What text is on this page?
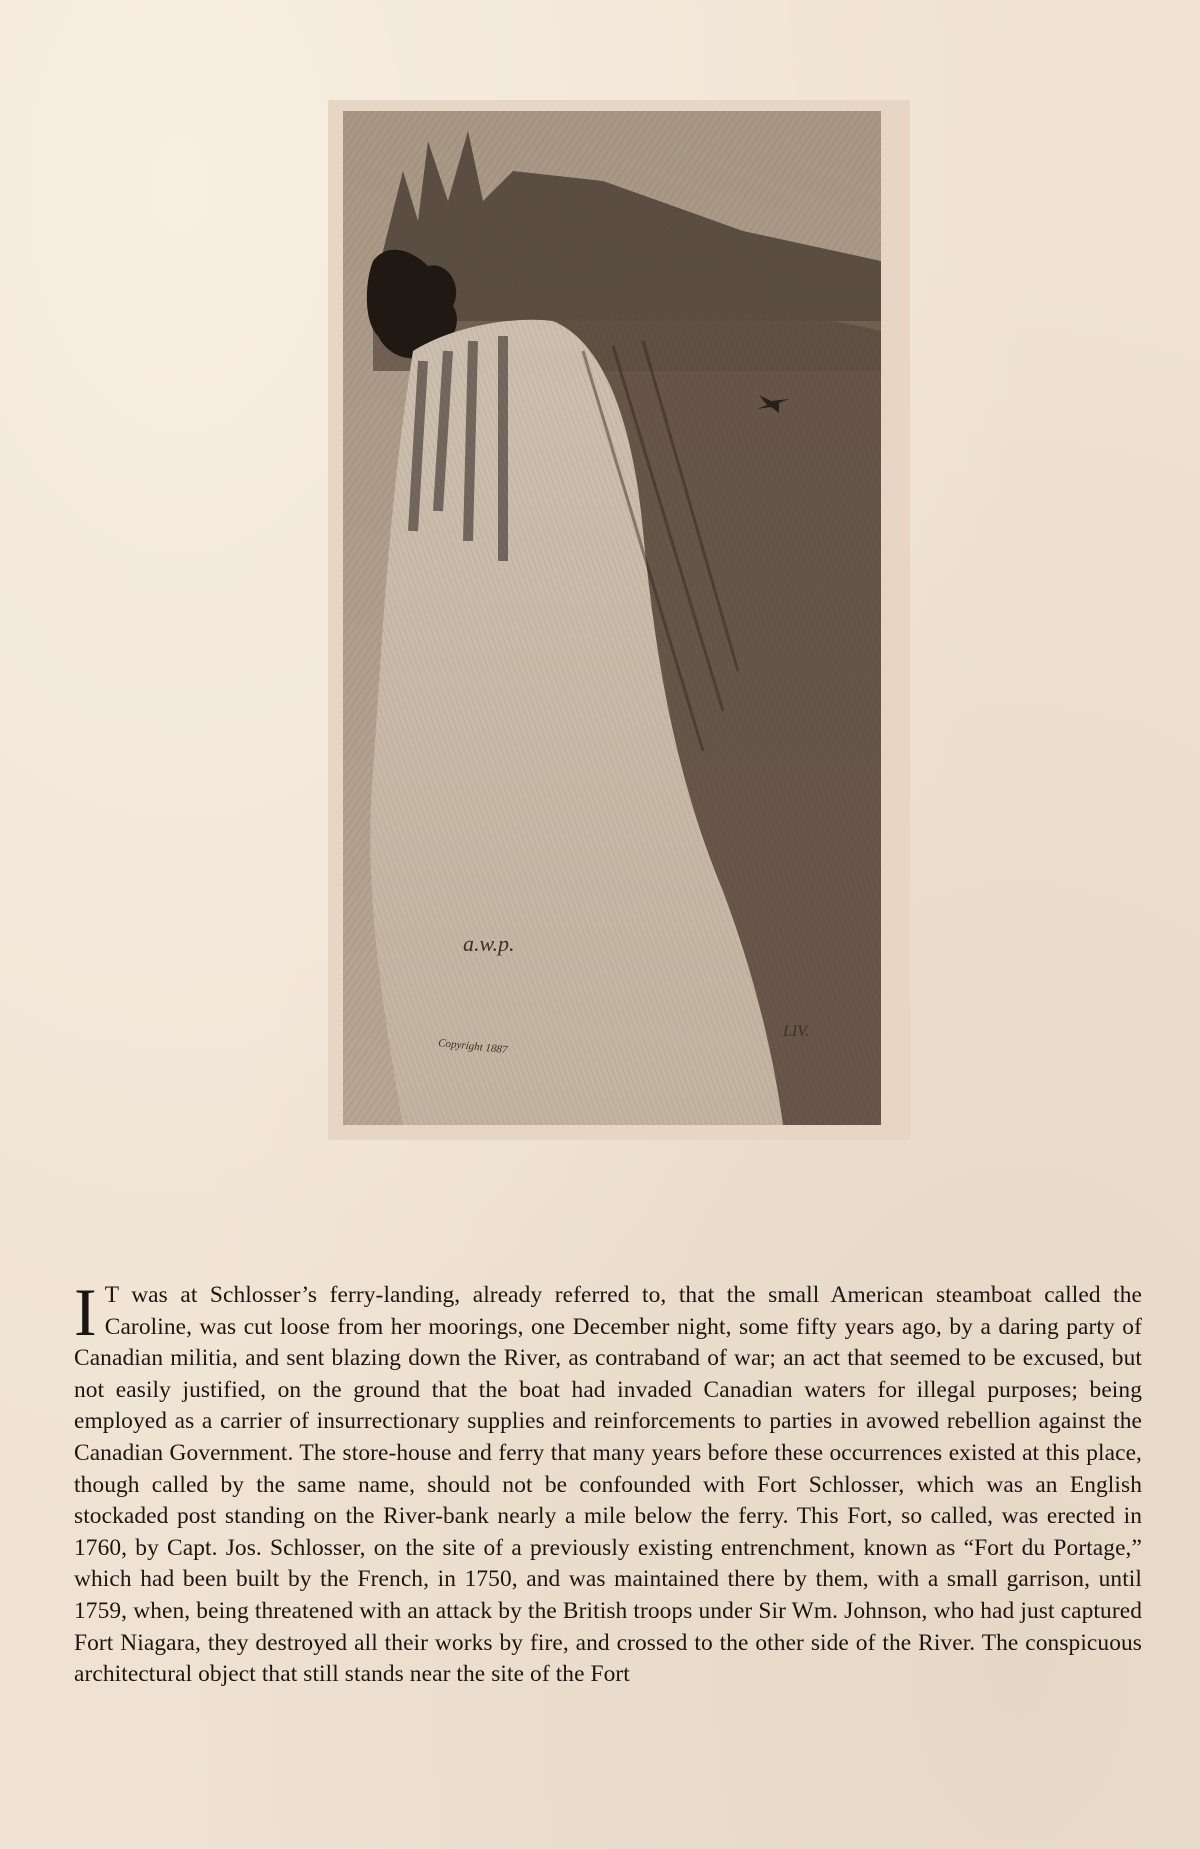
a.w.p.
Copyright 1887
LIV.
I T was at Schlosser’s ferry-landing, already referred to, that the small American steamboat called the Caroline, was cut loose from her moorings, one December night, some fifty years ago, by a daring party of Canadian militia, and sent blazing down the River, as contraband of war; an act that seemed to be excused, but not easily justified, on the ground that the boat had invaded Canadian waters for illegal purposes; being employed as a carrier of insurrectionary supplies and reinforcements to parties in avowed rebellion against the Canadian Government. The store-house and ferry that many years before these occurrences existed at this place, though called by the same name, should not be confounded with Fort Schlosser, which was an English stockaded post standing on the River-bank nearly a mile below the ferry. This Fort, so called, was erected in 1760, by Capt. Jos. Schlosser, on the site of a previously existing entrenchment, known as “Fort du Portage,” which had been built by the French, in 1750, and was maintained there by them, with a small garrison, until 1759, when, being threatened with an attack by the British troops under Sir Wm. Johnson, who had just captured Fort Niagara, they destroyed all their works by fire, and crossed to the other side of the River. The conspicuous architectural object that still stands near the site of the Fort
